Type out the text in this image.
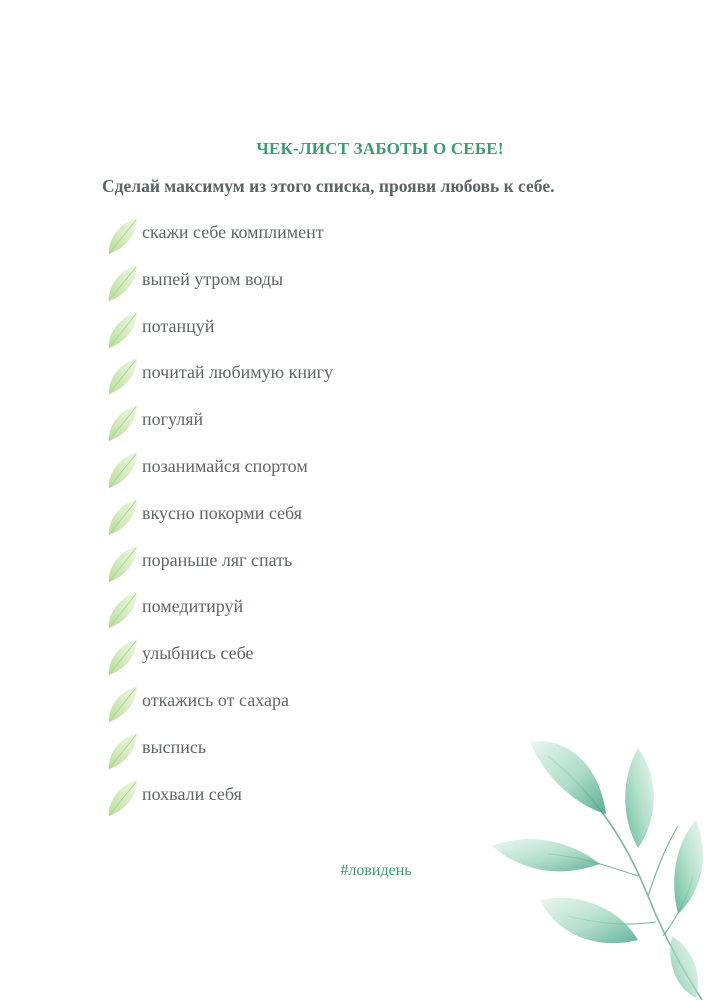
ЧЕК-ЛИСТ ЗАБОТЫ О СЕБЕ!
Сделай максимум из этого списка, прояви любовь к себе.
скажи себе комплимент
выпей утром воды
потанцуй
почитай любимую книгу
погуляй
позанимайся спортом
вкусно покорми себя
пораньше ляг спать
помедитируй
улыбнись себе
откажись от сахара
выспись
похвали себя
#ловидень
